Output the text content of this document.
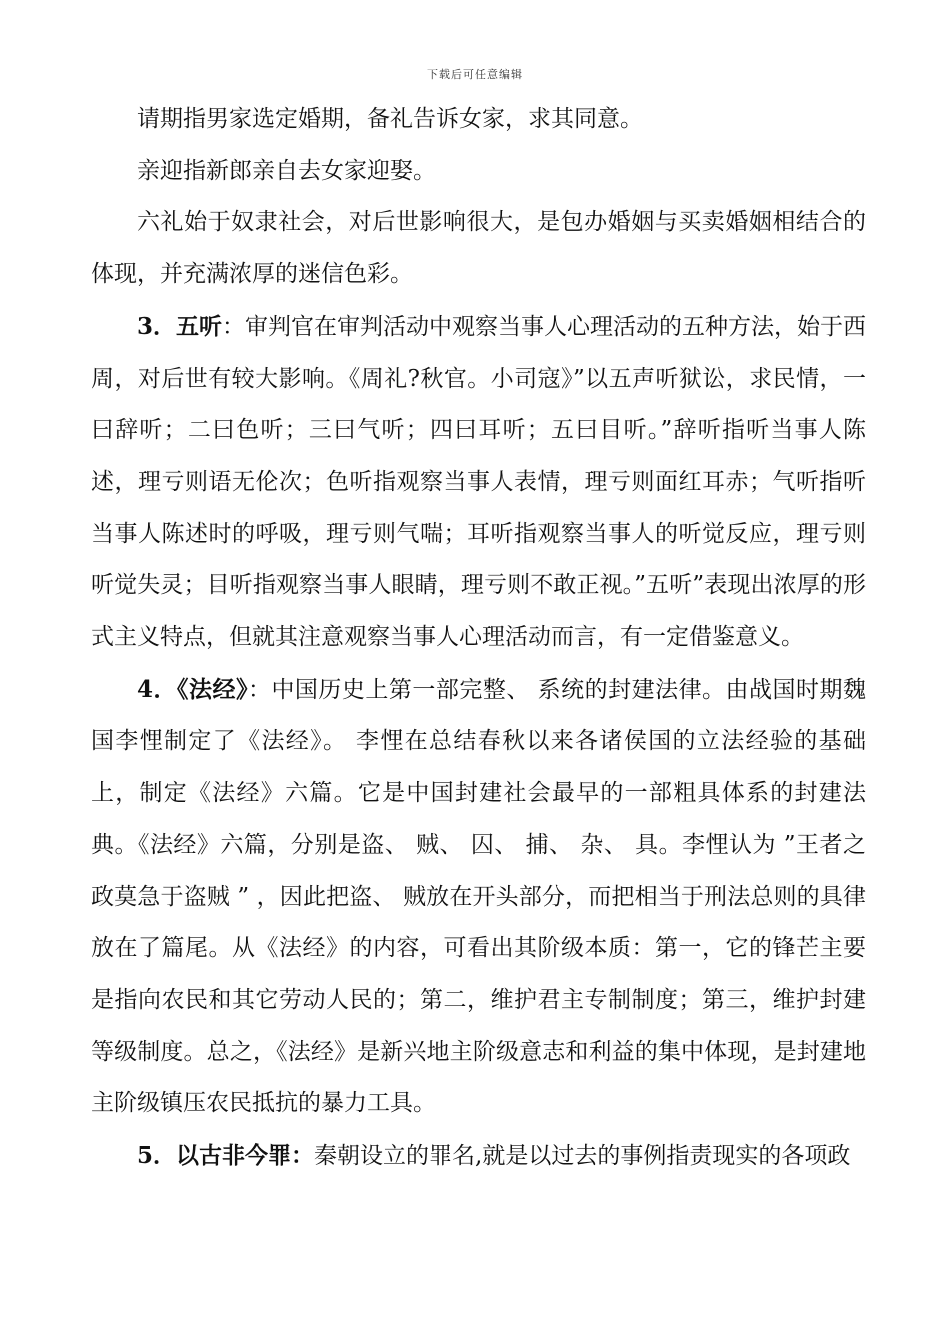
下载后可任意编辑

请期指男家选定婚期，备礼告诉女家，求其同意。

亲迎指新郎亲自去女家迎娶。

六礼始于奴隶社会，对后世影响很大，是包办婚姻与买卖婚姻相结合的体现，并充满浓厚的迷信色彩。

3．五听：审判官在审判活动中观察当事人心理活动的五种方法，始于西周，对后世有较大影响。《周礼?秋官。小司寇》”以五声听狱讼，求民情，一曰辞听；二曰色听；三曰气听；四曰耳听；五曰目听。”辞听指听当事人陈述，理亏则语无伦次；色听指观察当事人表情，理亏则面红耳赤；气听指听当事人陈述时的呼吸，理亏则气喘；耳听指观察当事人的听觉反应，理亏则听觉失灵；目听指观察当事人眼睛，理亏则不敢正视。”五听”表现出浓厚的形式主义特点，但就其注意观察当事人心理活动而言，有一定借鉴意义。

4．《法经》：中国历史上第一部完整、 系统的封建法律。由战国时期魏国李悝制定了《法经》。 李悝在总结春秋以来各诸侯国的立法经验的基础上，制定《法经》六篇。它是中国封建社会最早的一部粗具体系的封建法典。《法经》六篇，分别是盗、 贼、 囚、 捕、 杂、 具。李悝认为 ”王者之政莫急于盗贼 ” ，因此把盗、 贼放在开头部分，而把相当于刑法总则的具律放在了篇尾。从《法经》的内容，可看出其阶级本质：第一，它的锋芒主要是指向农民和其它劳动人民的；第二，维护君主专制制度；第三，维护封建等级制度。总之，《法经》是新兴地主阶级意志和利益的集中体现，是封建地主阶级镇压农民抵抗的暴力工具。

5．以古非今罪：秦朝设立的罪名,就是以过去的事例指责现实的各项政
